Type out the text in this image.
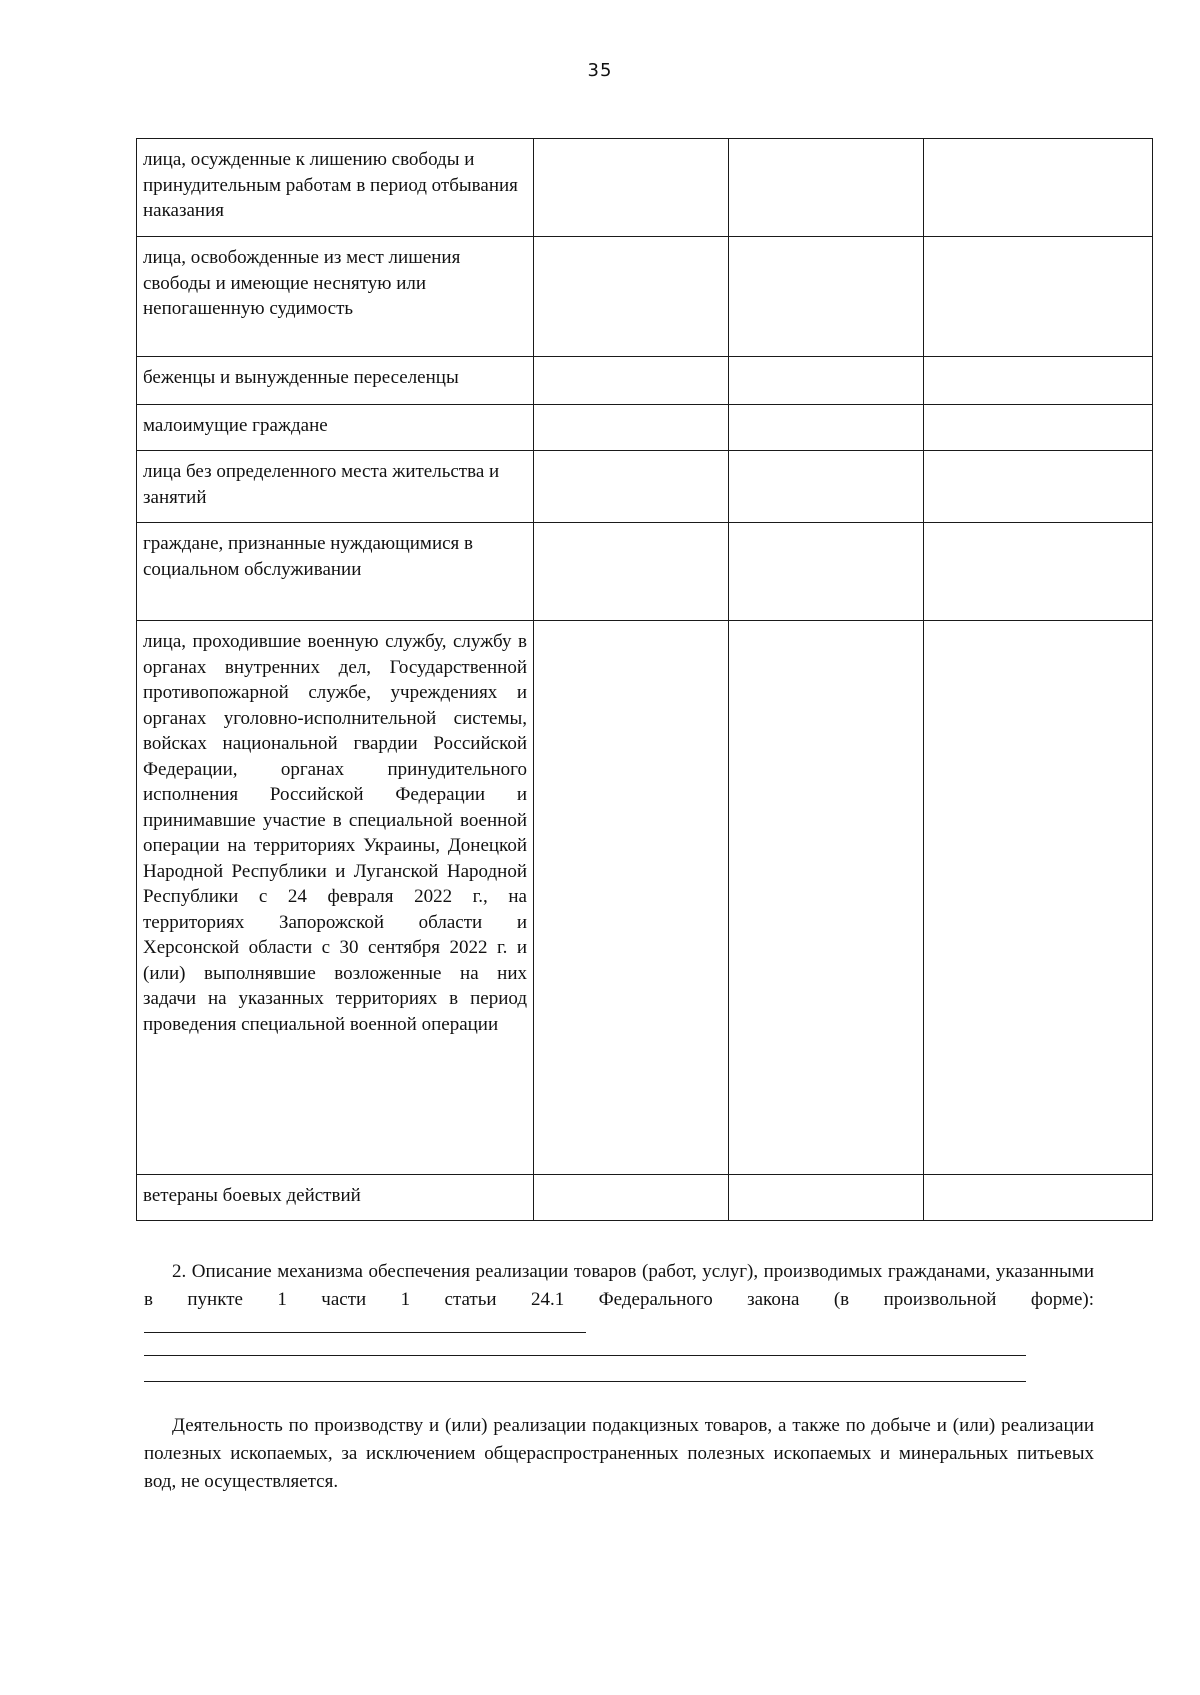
35
лица, осужденные к лишению свободы и принудительным работам в период отбывания наказания			
лица, освобожденные из мест лишения свободы и имеющие неснятую или непогашенную судимость			
беженцы и вынужденные переселенцы			
малоимущие граждане			
лица без определенного места жительства и занятий			
граждане, признанные нуждающимися в социальном обслуживании			
лица, проходившие военную службу, службу в органах внутренних дел, Государственной противопожарной службе, учреждениях и органах уголовно-исполнительной системы, войсках национальной гвардии Российской Федерации, органах принудительного исполнения Российской Федерации и принимавшие участие в специальной военной операции на территориях Украины, Донецкой Народной Республики и Луганской Народной Республики с 24 февраля 2022 г., на территориях Запорожской области и Херсонской области с 30 сентября 2022 г. и (или) выполнявшие возложенные на них задачи на указанных территориях в период проведения специальной военной операции			
ветераны боевых действий			

2. Описание механизма обеспечения реализации товаров (работ, услуг), производимых гражданами, указанными в пункте 1 части 1 статьи 24.1 Федерального закона (в произвольной форме):

Деятельность по производству и (или) реализации подакцизных товаров, а также по добыче и (или) реализации полезных ископаемых, за исключением общераспространенных полезных ископаемых и минеральных питьевых вод, не осуществляется.
